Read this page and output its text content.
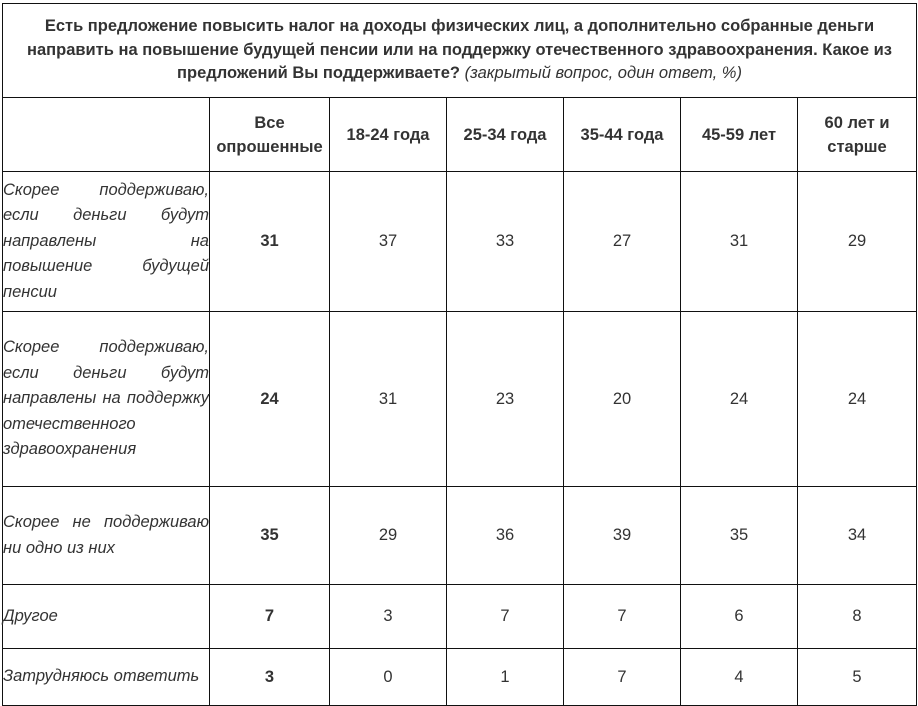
Есть предложение повысить налог на доходы физических лиц, а дополнительно собранные деньги направить на повышение будущей пенсии или на поддержку отечественного здравоохранения. Какое из предложений Вы поддерживаете? (закрытый вопрос, один ответ, %)						
	Все опрошенные	18-24 года	25-34 года	35-44 года	45-59 лет	60 лет и старше
Скорее поддерживаю, если деньги будут направлены на повышение будущей пенсии	31	37	33	27	31	29
Скорее поддерживаю, если деньги будут направлены на поддержку отечественного здравоохранения	24	31	23	20	24	24
Скорее не поддерживаю ни одно из них	35	29	36	39	35	34
Другое	7	3	7	7	6	8
Затрудняюсь ответить	3	0	1	7	4	5
